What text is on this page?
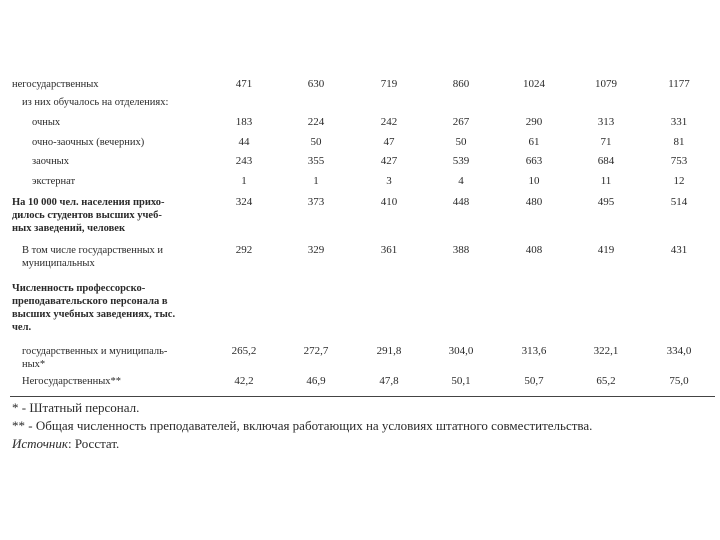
негосударственных	471	630	719	860	1024	1079	1177
из них обучалось на отделениях:
очных	183	224	242	267	290	313	331
очно-заочных (вечерних)	44	50	47	50	61	71	81
заочных	243	355	427	539	663	684	753
экстернат	1	1	3	4	10	11	12
На 10 000 чел. населения прихо-
дилось студентов высших учеб-
ных заведений, человек
324	373	410	448	480	495	514
В том числе государственных и
муниципальных
292	329	361	388	408	419	431
Численность профессорско-
преподавательского персонала в
высших учебных заведениях, тыс.
чел.
государственных и муниципаль-
ных*
265,2	272,7	291,8	304,0	313,6	322,1	334,0
Негосударственных**	42,2	46,9	47,8	50,1	50,7	65,2	75,0
* - Штатный персонал.
** - Общая численность преподавателей, включая работающих на условиях штатного совместительства.
Источник: Росстат.
